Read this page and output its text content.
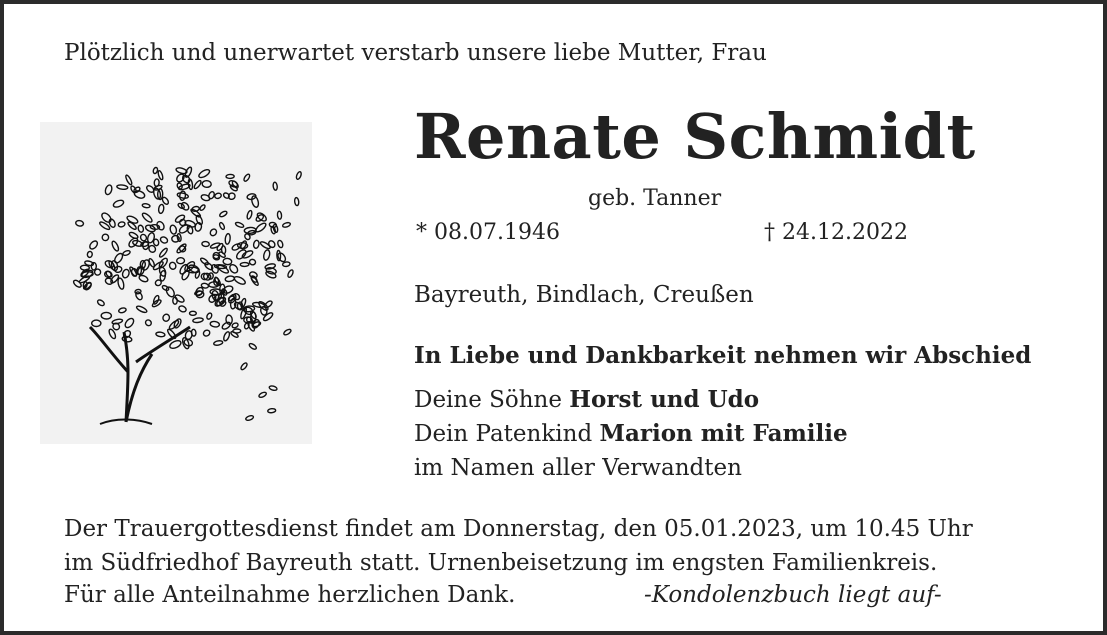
Plötzlich und unerwartet verstarb unsere liebe Mutter, Frau
Renate Schmidt
geb. Tanner
* 08.07.1946	† 24.12.2022
Bayreuth, Bindlach, Creußen
In Liebe und Dankbarkeit nehmen wir Abschied
Deine Söhne Horst und Udo
Dein Patenkind Marion mit Familie
im Namen aller Verwandten
Der Trauergottesdienst findet am Donnerstag, den 05.01.2023, um 10.45 Uhr
im Südfriedhof Bayreuth statt. Urnenbeisetzung im engsten Familienkreis.
Für alle Anteilnahme herzlichen Dank.	-Kondolenzbuch liegt auf-
